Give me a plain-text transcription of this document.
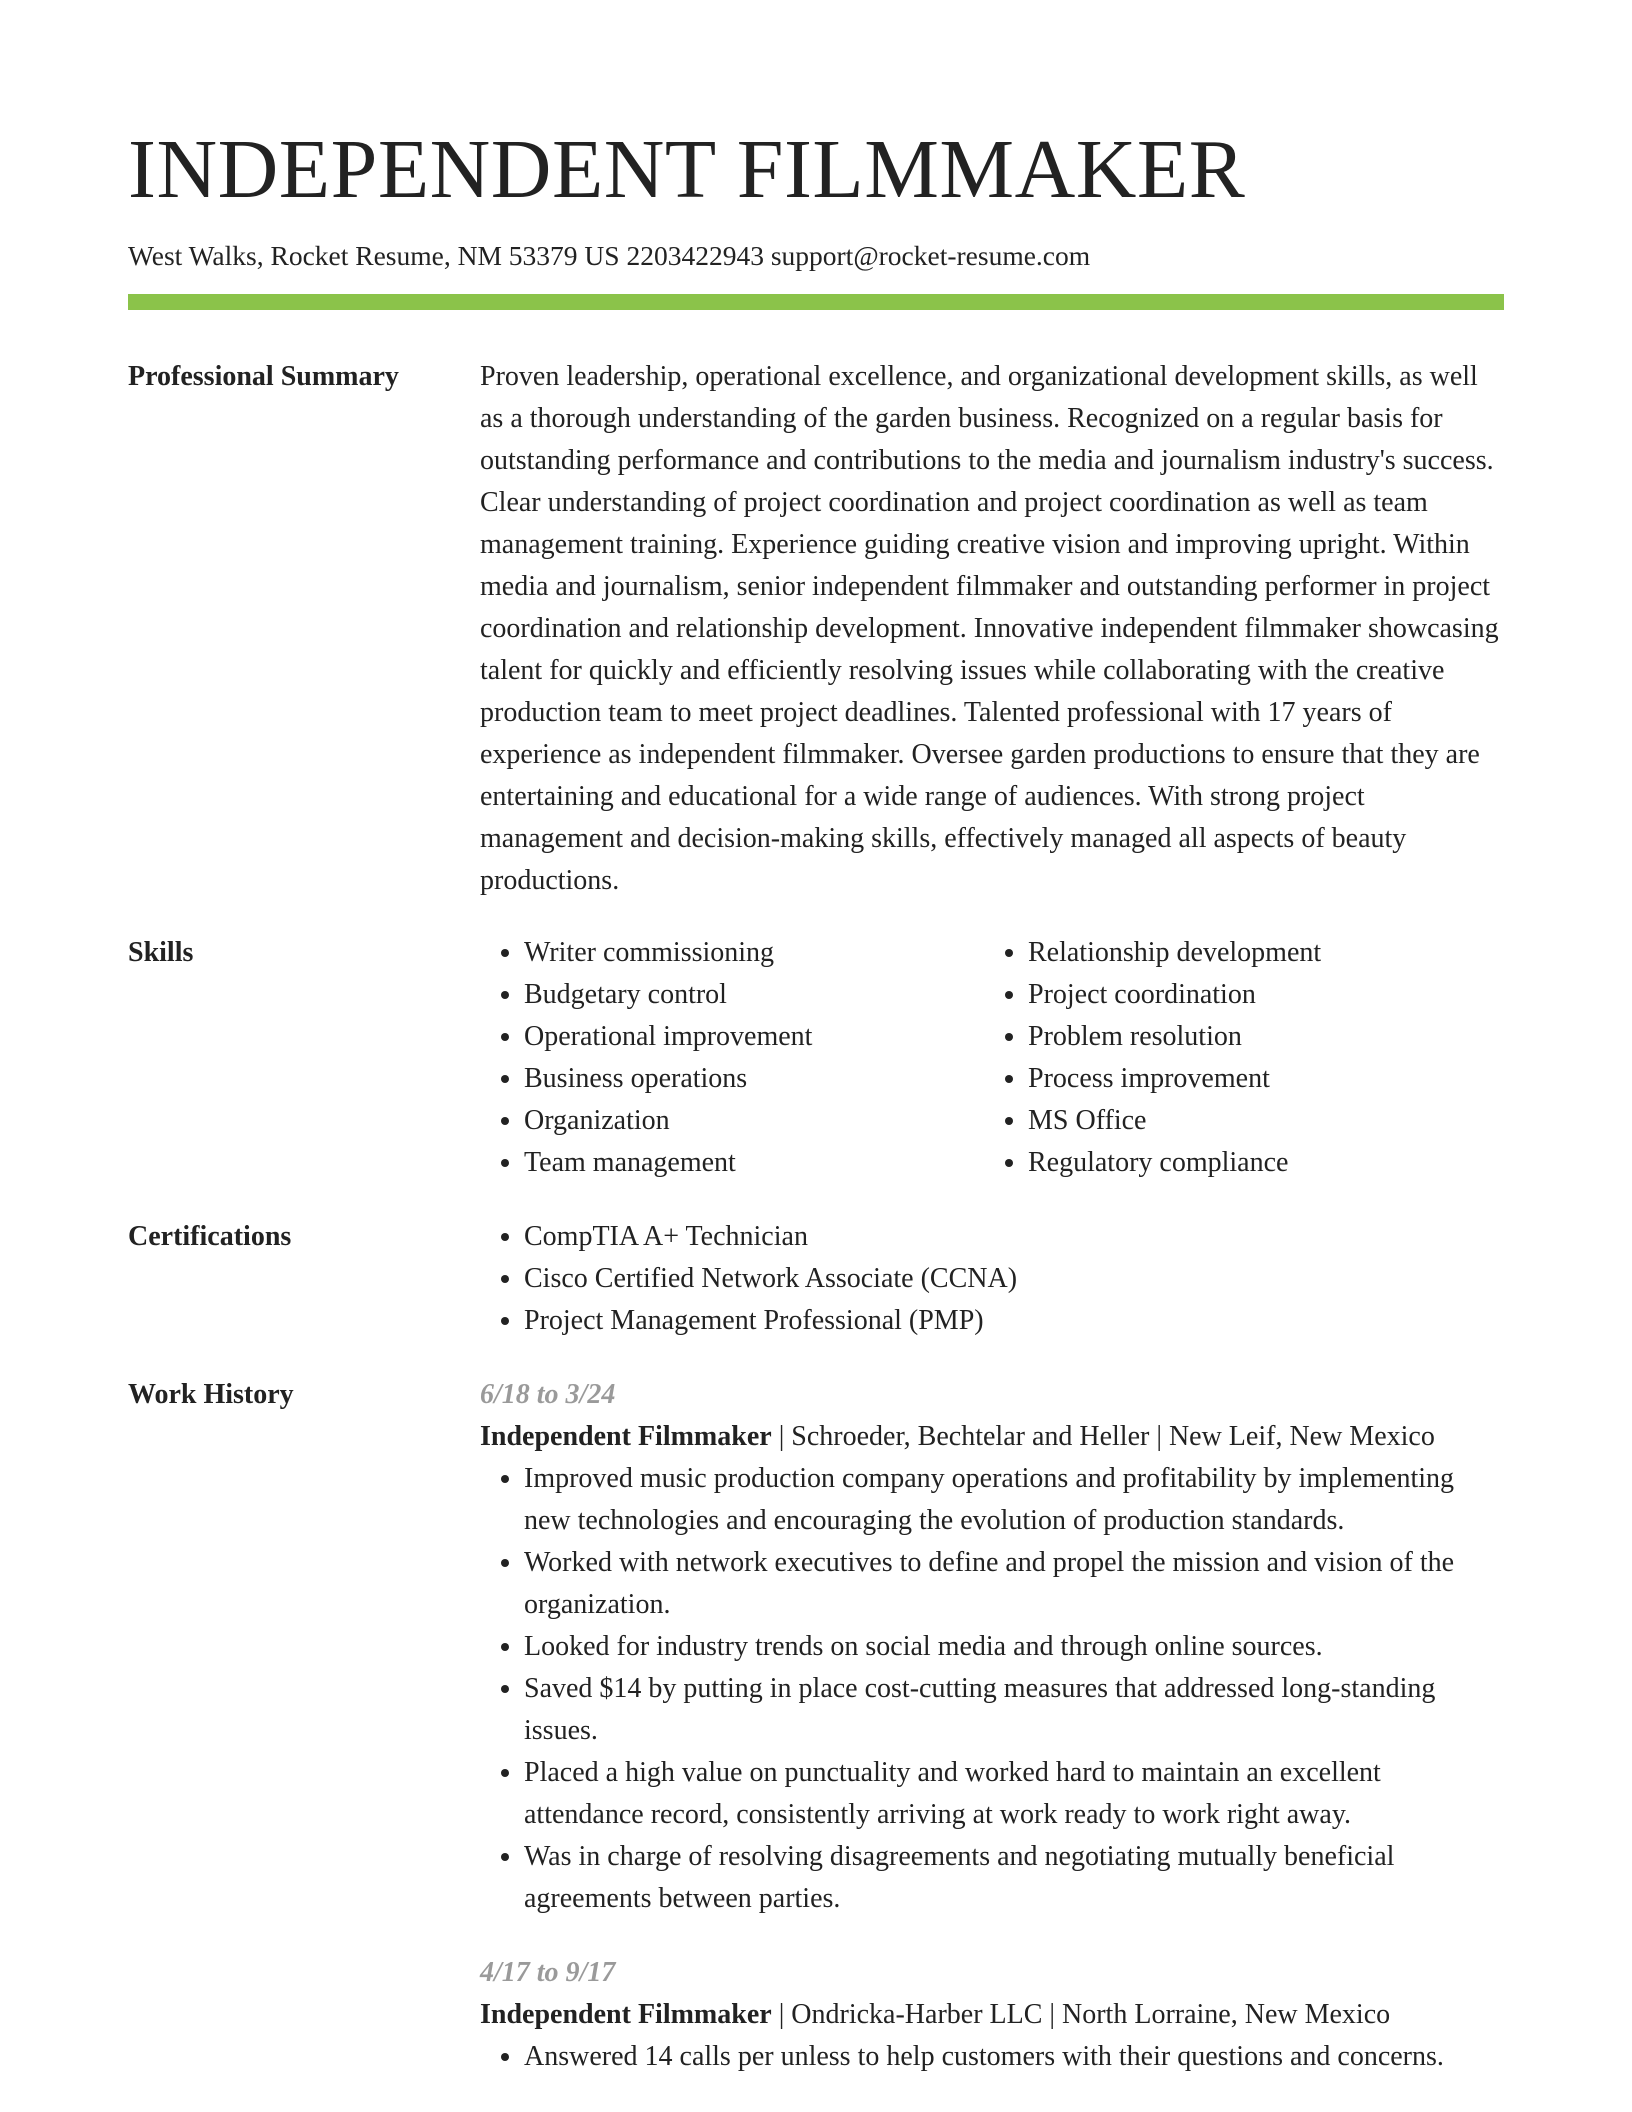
INDEPENDENT FILMMAKER
West Walks, Rocket Resume, NM 53379 US 2203422943 support@rocket-resume.com
Professional Summary	Proven leadership, operational excellence, and organizational development skills, as well as a thorough understanding of the garden business. Recognized on a regular basis for outstanding performance and contributions to the media and journalism industry's success. Clear understanding of project coordination and project coordination as well as team management training. Experience guiding creative vision and improving upright. Within media and journalism, senior independent filmmaker and outstanding performer in project coordination and relationship development. Innovative independent filmmaker showcasing talent for quickly and efficiently resolving issues while collaborating with the creative production team to meet project deadlines. Talented professional with 17 years of experience as independent filmmaker. Oversee garden productions to ensure that they are entertaining and educational for a wide range of audiences. With strong project management and decision-making skills, effectively managed all aspects of beauty productions.

Skills	• Writer commissioning
• Budgetary control
• Operational improvement
• Business operations
• Organization
• Team management
• Relationship development
• Project coordination
• Problem resolution
• Process improvement
• MS Office
• Regulatory compliance
Certifications	• CompTIA A+ Technician
• Cisco Certified Network Associate (CCNA)
• Project Management Professional (PMP)
Work History	6/18 to 3/24
Independent Filmmaker | Schroeder, Bechtelar and Heller | New Leif, New Mexico
• Improved music production company operations and profitability by implementing new technologies and encouraging the evolution of production standards.
• Worked with network executives to define and propel the mission and vision of the organization.
• Looked for industry trends on social media and through online sources.
• Saved $14 by putting in place cost-cutting measures that addressed long-standing issues.
• Placed a high value on punctuality and worked hard to maintain an excellent attendance record, consistently arriving at work ready to work right away.
• Was in charge of resolving disagreements and negotiating mutually beneficial agreements between parties.
4/17 to 9/17
Independent Filmmaker | Ondricka-Harber LLC | North Lorraine, New Mexico
• Answered 14 calls per unless to help customers with their questions and concerns.
